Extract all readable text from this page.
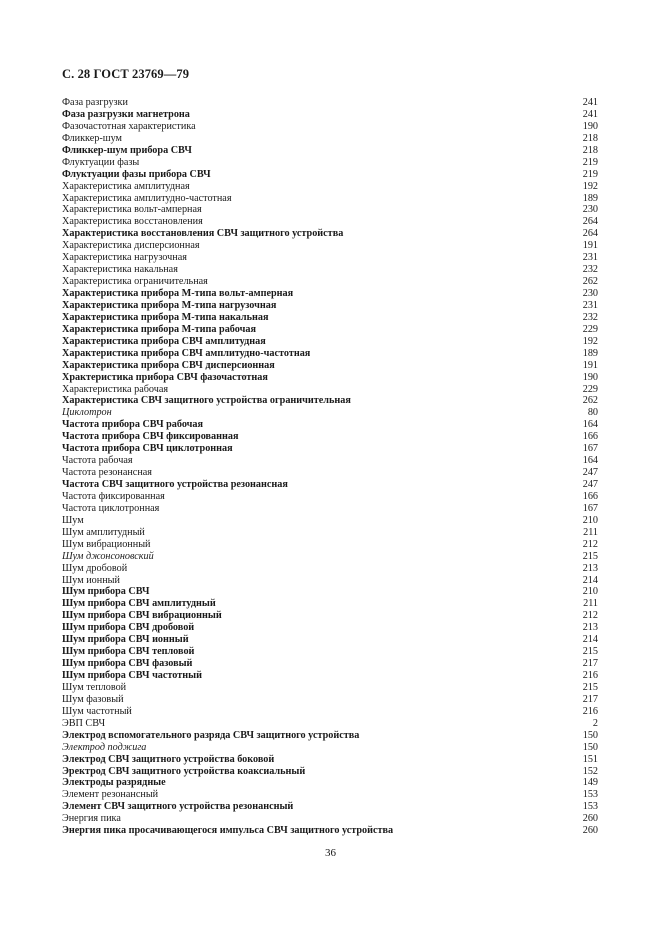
С. 28 ГОСТ 23769—79
Фаза разгрузки	241
Фаза разгрузки магнетрона	241
Фазочастотная характеристика	190
Фликкер-шум	218
Фликкер-шум прибора СВЧ	218
Флуктуации фазы	219
Флуктуации фазы прибора СВЧ	219
Характеристика амплитудная	192
Характеристика амплитудно-частотная	189
Характеристика вольт-амперная	230
Характеристика восстановления	264
Характеристика восстановления СВЧ защитного устройства	264
Характеристика дисперсионная	191
Характеристика нагрузочная	231
Характеристика накальная	232
Характеристика ограничительная	262
Характеристика прибора М-типа вольт-амперная	230
Характеристика прибора М-типа нагрузочная	231
Характеристика прибора М-типа накальная	232
Характеристика прибора М-типа рабочая	229
Характеристика прибора СВЧ амплитудная	192
Характеристика прибора СВЧ амплитудно-частотная	189
Характеристика прибора СВЧ дисперсионная	191
Храктеристика прибора СВЧ фазочастотная	190
Характеристика рабочая	229
Характеристика СВЧ защитного устройства ограничительная	262
Циклотрон	80
Частота прибора СВЧ рабочая	164
Частота прибора СВЧ фиксированная	166
Частота прибора СВЧ циклотронная	167
Частота рабочая	164
Частота резонансная	247
Частота СВЧ защитного устройства резонансная	247
Частота фиксированная	166
Частота циклотронная	167
Шум	210
Шум амплитудный	211
Шум вибрационный	212
Шум джонсоновский	215
Шум дробовой	213
Шум ионный	214
Шум прибора СВЧ	210
Шум прибора СВЧ амплитудный	211
Шум прибора СВЧ вибрационный	212
Шум прибора СВЧ дробовой	213
Шум прибора СВЧ ионный	214
Шум прибора СВЧ тепловой	215
Шум прибора СВЧ фазовый	217
Шум прибора СВЧ частотный	216
Шум тепловой	215
Шум фазовый	217
Шум частотный	216
ЭВП СВЧ	2
Электрод вспомогательного разряда СВЧ защитного устройства	150
Электрод поджига	150
Электрод СВЧ защитного устройства боковой	151
Эректрод СВЧ защитного устройства коаксиальный	152
Электроды разрядные	149
Элемент резонансный	153
Элемент СВЧ защитного устройства резонансный	153
Энергия пика	260
Энергия пика просачивающегося импульса СВЧ защитного устройства	260
36
